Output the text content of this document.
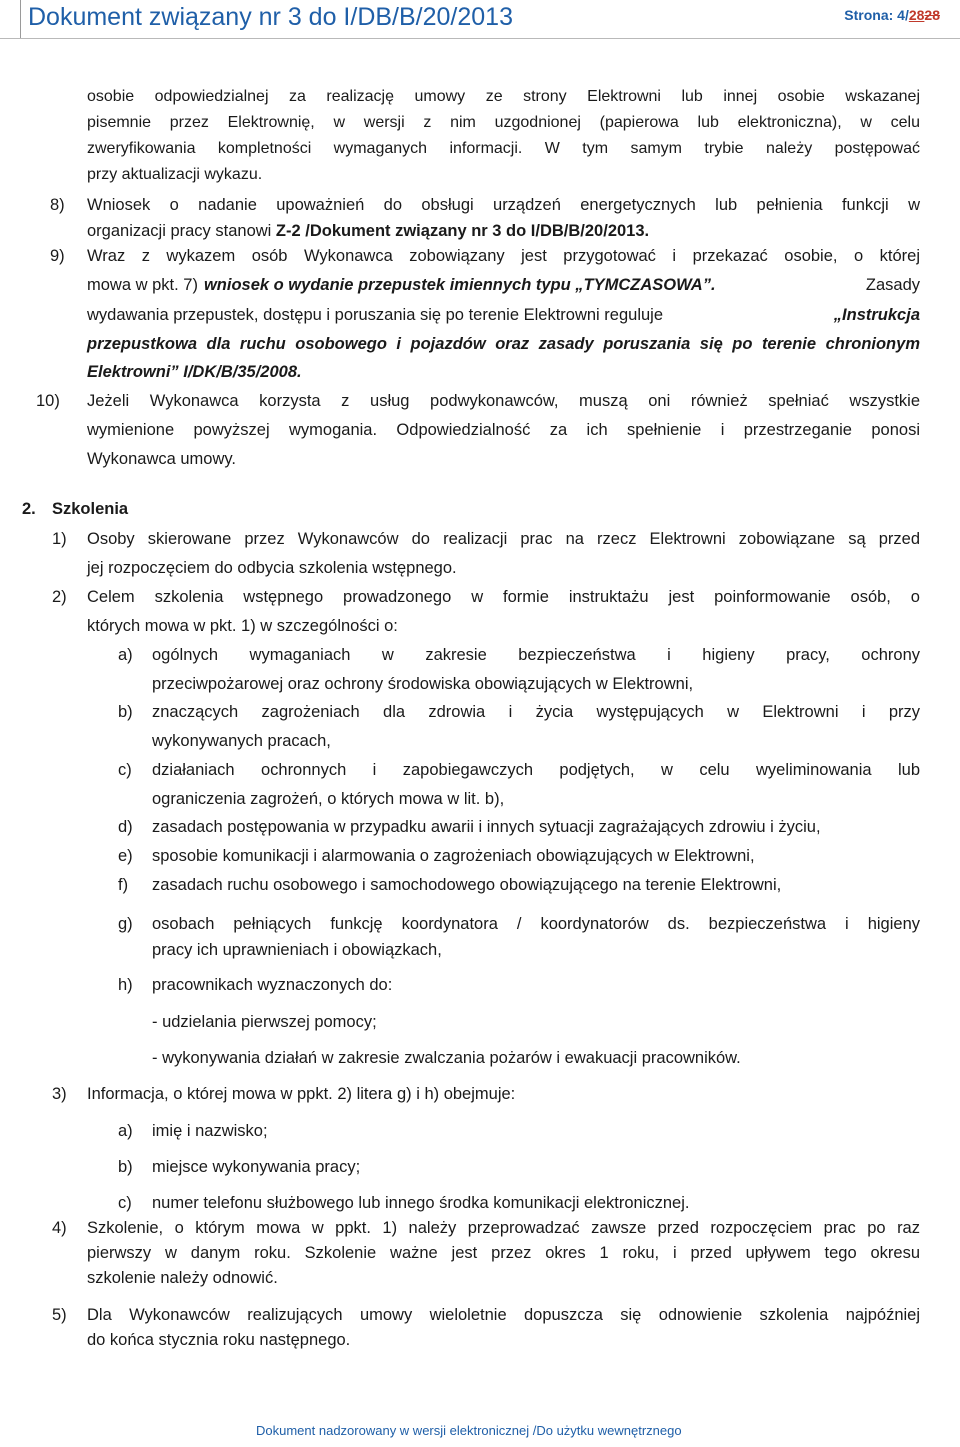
Dokument związany nr 3 do I/DB/B/20/2013	Strona: 4/2828
osobie odpowiedzialnej za realizację umowy ze strony Elektrowni lub innej osobie wskazanej
pisemnie przez Elektrownię, w wersji z nim uzgodnionej (papierowa lub elektroniczna), w celu
zweryfikowania kompletności wymaganych informacji. W tym samym trybie należy postępować
przy aktualizacji wykazu.
8) Wniosek o nadanie upoważnień do obsługi urządzeń energetycznych lub pełnienia funkcji w
organizacji pracy stanowi Z-2 /Dokument związany nr 3 do I/DB/B/20/2013.
9) Wraz z wykazem osób Wykonawca zobowiązany jest przygotować i przekazać osobie, o której
mowa w pkt. 7) wniosek o wydanie przepustek imiennych typu „TYMCZASOWA”.	Zasady
wydawania przepustek, dostępu i poruszania się po terenie Elektrowni reguluje	„Instrukcja
przepustkowa dla ruchu osobowego i pojazdów oraz zasady poruszania się po terenie chronionym
Elektrowni” I/DK/B/35/2008.
10) Jeżeli Wykonawca korzysta z usług podwykonawców, muszą oni również spełniać wszystkie
wymienione powyższej wymogania. Odpowiedzialność za ich spełnienie i przestrzeganie ponosi
Wykonawca umowy.
2. Szkolenia
1) Osoby skierowane przez Wykonawców do realizacji prac na rzecz Elektrowni zobowiązane są przed
jej rozpoczęciem do odbycia szkolenia wstępnego.
2) Celem szkolenia wstępnego prowadzonego w formie instruktażu jest poinformowanie osób, o
których mowa w pkt. 1) w szczególności o:
a) ogólnych wymaganiach w zakresie bezpieczeństwa i higieny pracy, ochrony
przeciwpożarowej oraz ochrony środowiska obowiązujących w Elektrowni,
b) znaczących zagrożeniach dla zdrowia i życia występujących w Elektrowni i przy
wykonywanych pracach,
c) działaniach ochronnych i zapobiegawczych podjętych, w celu wyeliminowania lub
ograniczenia zagrożeń, o których mowa w lit. b),
d) zasadach postępowania w przypadku awarii i innych sytuacji zagrażających zdrowiu i życiu,
e) sposobie komunikacji i alarmowania o zagrożeniach obowiązujących w Elektrowni,
f) zasadach ruchu osobowego i samochodowego obowiązującego na terenie Elektrowni,
g) osobach pełniących funkcję koordynatora / koordynatorów ds. bezpieczeństwa i higieny
pracy ich uprawnieniach i obowiązkach,
h) pracownikach wyznaczonych do:
- udzielania pierwszej pomocy;
- wykonywania działań w zakresie zwalczania pożarów i ewakuacji pracowników.
3) Informacja, o której mowa w ppkt. 2) litera g) i h) obejmuje:
a) imię i nazwisko;
b) miejsce wykonywania pracy;
c) numer telefonu służbowego lub innego środka komunikacji elektronicznej.
4) Szkolenie, o którym mowa w ppkt. 1) należy przeprowadzać zawsze przed rozpoczęciem prac po raz
pierwszy w danym roku. Szkolenie ważne jest przez okres 1 roku, i przed upływem tego okresu
szkolenie należy odnowić.
5) Dla Wykonawców realizujących umowy wieloletnie dopuszcza się odnowienie szkolenia najpóźniej
do końca stycznia roku następnego.
Dokument nadzorowany w wersji elektronicznej /Do użytku wewnętrznego
